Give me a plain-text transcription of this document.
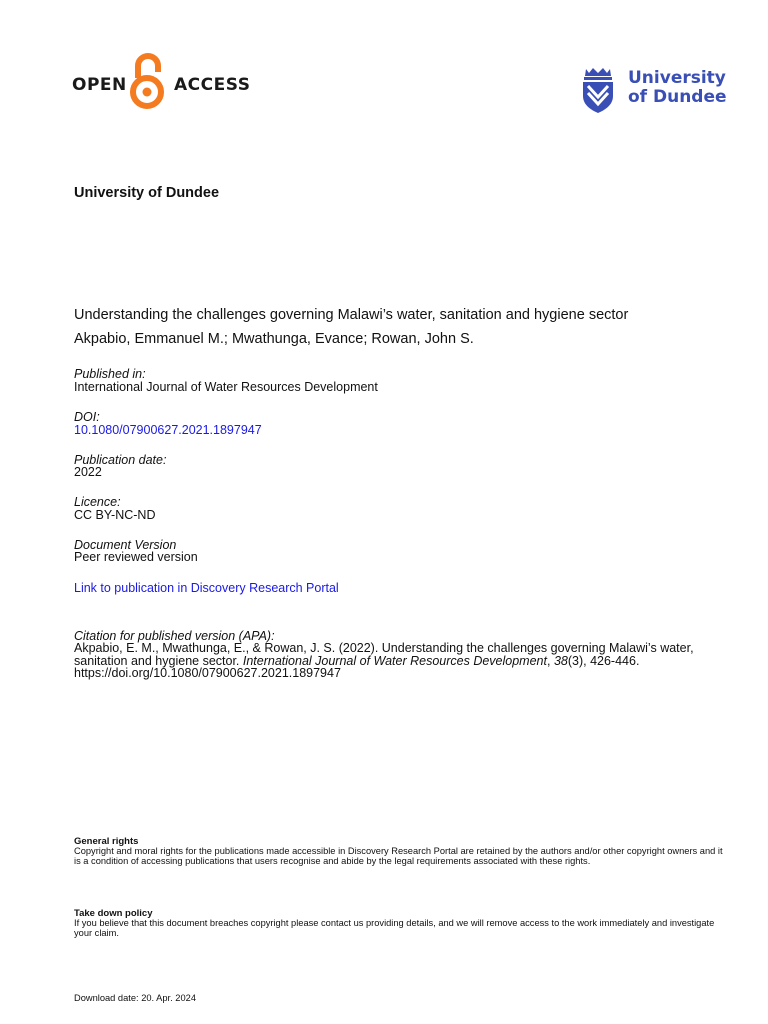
OPEN	ACCESS	University
of Dundee
University of Dundee
Understanding the challenges governing Malawi’s water, sanitation and hygiene sector
Akpabio, Emmanuel M.; Mwathunga, Evance; Rowan, John S.
Published in:
International Journal of Water Resources Development
DOI:
10.1080/07900627.2021.1897947
Publication date:
2022
Licence:
CC BY-NC-ND
Document Version
Peer reviewed version
Link to publication in Discovery Research Portal
Citation for published version (APA):
Akpabio, E. M., Mwathunga, E., & Rowan, J. S. (2022). Understanding the challenges governing Malawi’s water, sanitation and hygiene sector. International Journal of Water Resources Development, 38(3), 426-446.
https://doi.org/10.1080/07900627.2021.1897947
General rights
Copyright and moral rights for the publications made accessible in Discovery Research Portal are retained by the authors and/or other copyright owners and it is a condition of accessing publications that users recognise and abide by the legal requirements associated with these rights.
Take down policy
If you believe that this document breaches copyright please contact us providing details, and we will remove access to the work immediately and investigate your claim.
Download date: 20. Apr. 2024
